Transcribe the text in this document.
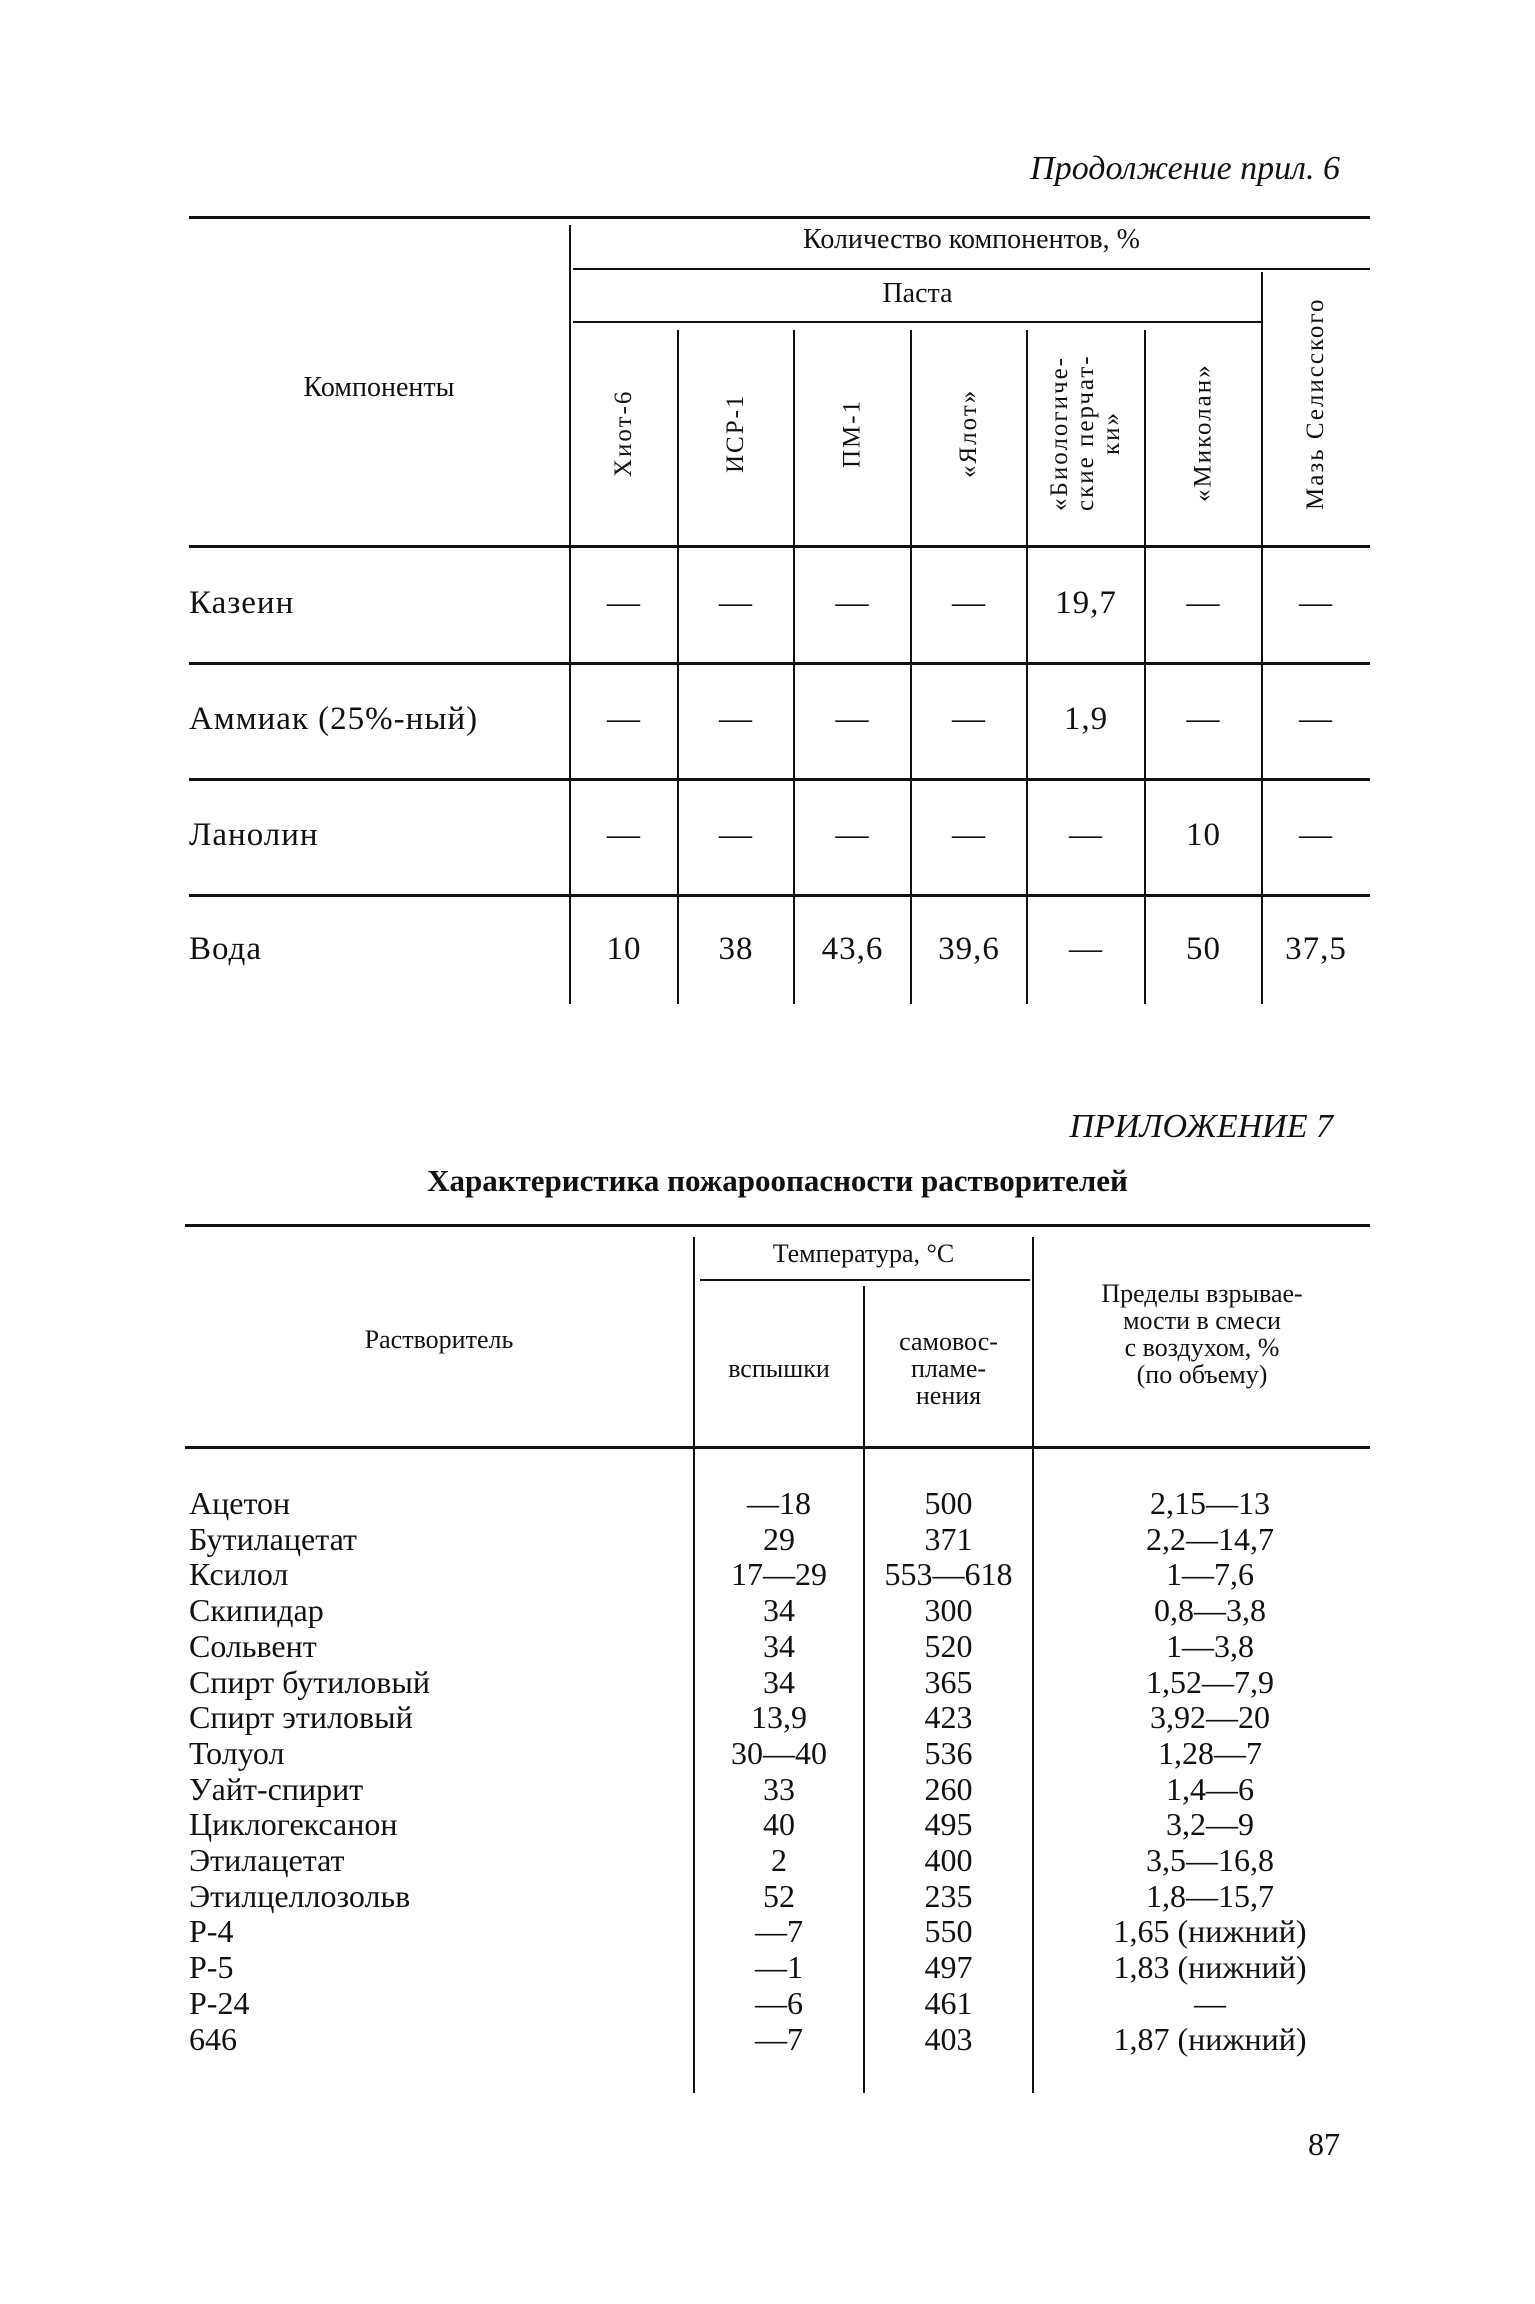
Продолжение прил. 6
Количество компонентов, %
Паста
Компоненты
Хиот-6	ИСР-1	ПМ-1	«Ялот»	«Биологиче- ские перчат- ки»	«Миколан»	Мазь Селисского
Казеин	—	—	—	—	19,7	—	—
Аммиак (25%-ный)	—	—	—	—	1,9	—	—
Ланолин	—	—	—	—	—	10	—
Вода	10	38	43,6	39,6	—	50	37,5
ПРИЛОЖЕНИЕ 7
Характеристика пожароопасности растворителей
Температура, °С
Растворитель
вспышки
самовос-
пламе-
нения
Пределы взрывае-
мости в смеси
с воздухом, %
(по объему)
Ацетон	—18	500	2,15—13
Бутилацетат	29	371	2,2—14,7
Ксилол	17—29	553—618	1—7,6
Скипидар	34	300	0,8—3,8
Сольвент	34	520	1—3,8
Спирт бутиловый	34	365	1,52—7,9
Спирт этиловый	13,9	423	3,92—20
Толуол	30—40	536	1,28—7
Уайт-спирит	33	260	1,4—6
Циклогексанон	40	495	3,2—9
Этилацетат	2	400	3,5—16,8
Этилцеллозольв	52	235	1,8—15,7
Р-4	—7	550	1,65 (нижний)
Р-5	—1	497	1,83 (нижний)
Р-24	—6	461	—
646	—7	403	1,87 (нижний)
87
